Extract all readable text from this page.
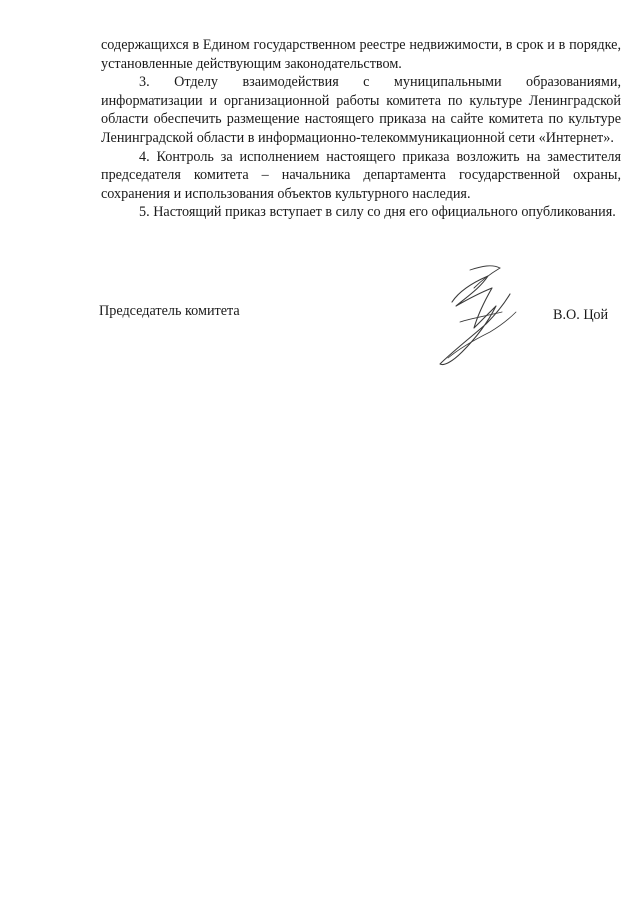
содержащихся в Едином государственном реестре недвижимости, в срок и в порядке, установленные действующим законодательством.

3. Отделу взаимодействия с муниципальными образованиями, информатизации и организационной работы комитета по культуре Ленинградской области обеспечить размещение настоящего приказа на сайте комитета по культуре Ленинградской области в информационно-телекоммуникационной сети «Интернет».

4. Контроль за исполнением настоящего приказа возложить на заместителя председателя комитета – начальника департамента государственной охраны, сохранения и использования объектов культурного наследия.

5. Настоящий приказ вступает в силу со дня его официального опубликования.

Председатель комитета	В.О. Цой
